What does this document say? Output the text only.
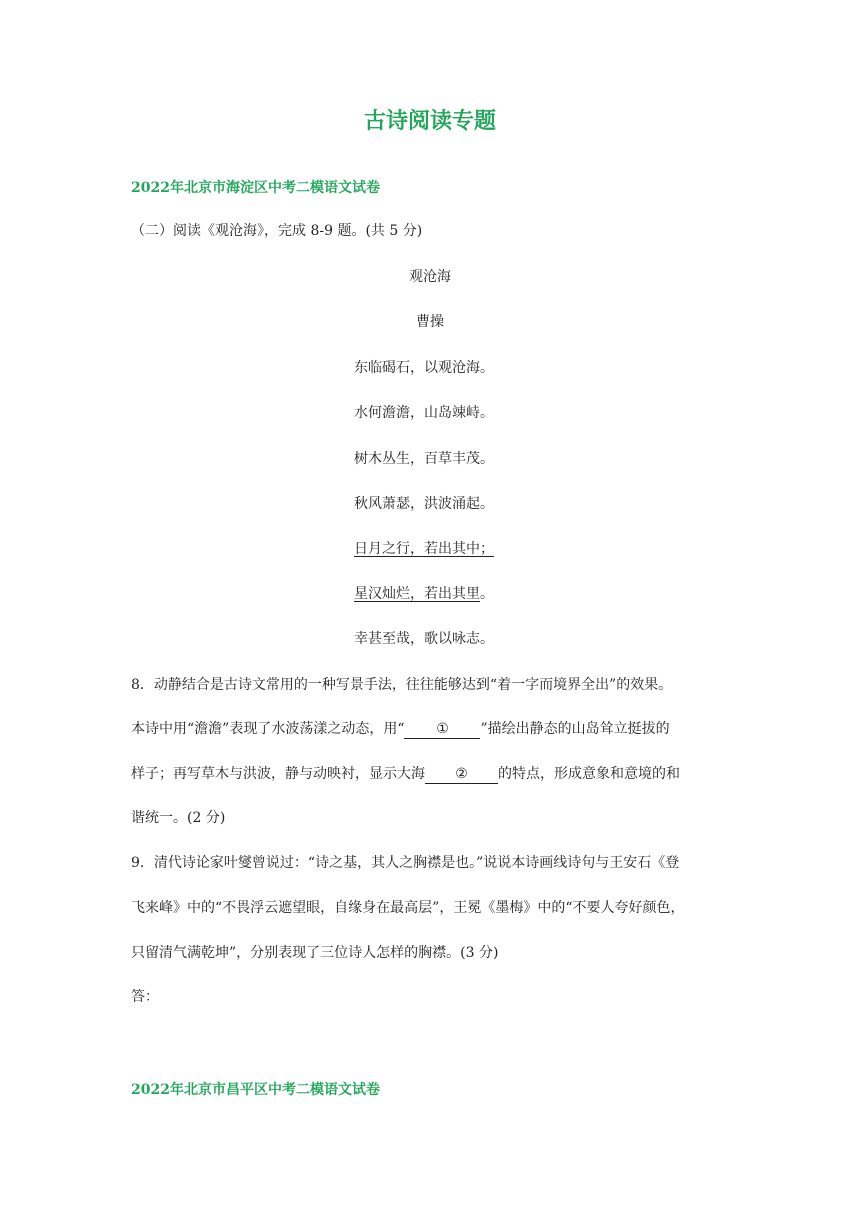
古诗阅读专题
2022年北京市海淀区中考二模语文试卷
（二）阅读《观沧海》，完成 8-9 题。(共 5 分)
观沧海
曹操
东临碣石，以观沧海。
水何澹澹，山岛竦峙。
树木丛生，百草丰茂。
秋风萧瑟，洪波涌起。
日月之行，若出其中；
星汉灿烂，若出其里。
幸甚至哉，歌以咏志。
8．动静结合是古诗文常用的一种写景手法，往往能够达到“着一字而境界全出”的效果。
本诗中用“澹澹”表现了水波荡漾之动态，用“ ① ”描绘出静态的山岛耸立挺拔的
样子；再写草木与洪波，静与动映衬，显示大海 ② 的特点，形成意象和意境的和
谐统一。(2 分)
9．清代诗论家叶燮曾说过：“诗之基，其人之胸襟是也。”说说本诗画线诗句与王安石《登
飞来峰》中的“不畏浮云遮望眼，自缘身在最高层”，王冕《墨梅》中的“不要人夸好颜色，
只留清气满乾坤”，分别表现了三位诗人怎样的胸襟。(3 分)
答：
2022年北京市昌平区中考二模语文试卷
